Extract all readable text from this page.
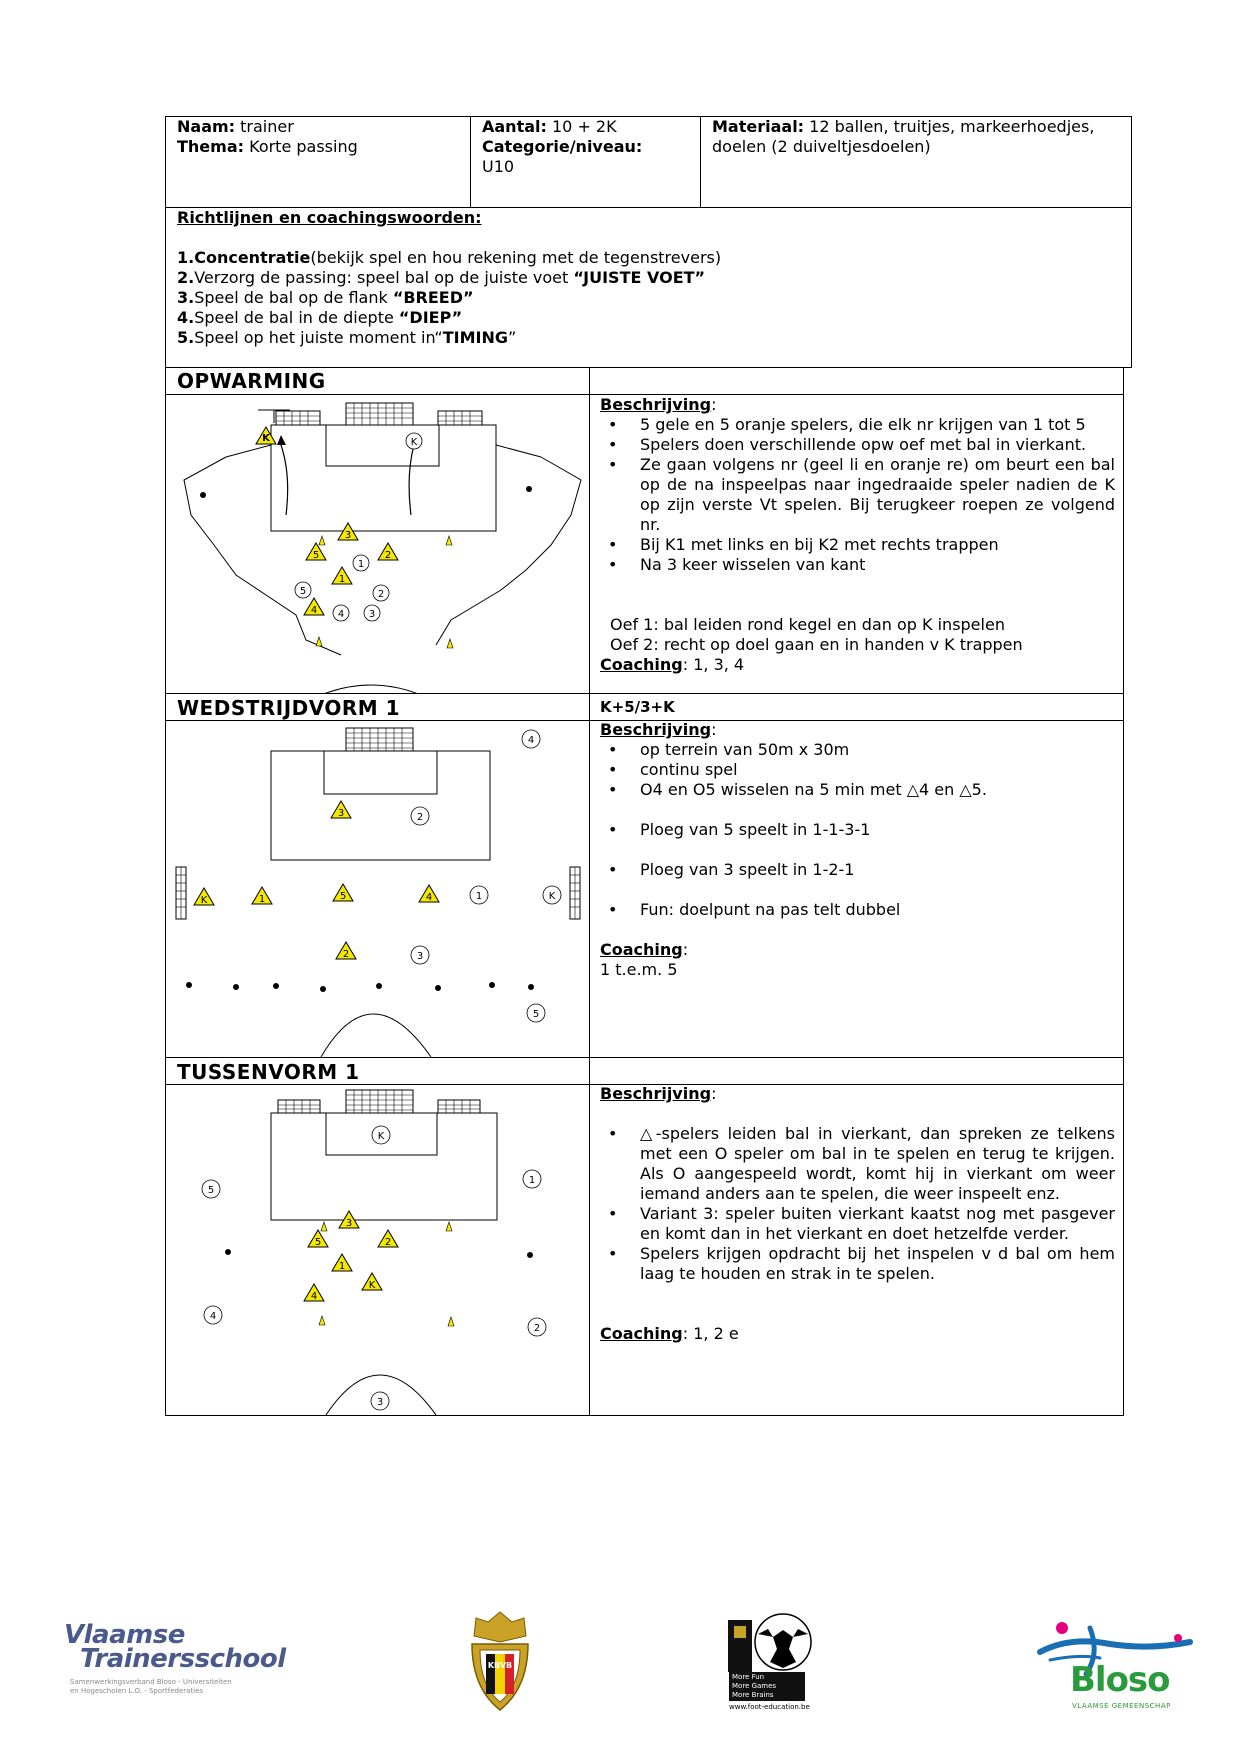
Naam: trainer
Thema: Korte passing
Aantal: 10 + 2K
Categorie/niveau:
U10
Materiaal: 12 ballen, truitjes, markeerhoedjes,
doelen (2 duiveltjesdoelen)
Richtlijnen en coachingswoorden:
1.Concentratie(bekijk spel en hou rekening met de tegenstrevers)
2.Verzorg de passing: speel bal op de juiste voet “JUISTE VOET”
3.Speel de bal op de flank “BREED”
4.Speel de bal in de diepte “DIEP”
5.Speel op het juiste moment in“TIMING”
OPWARMING
K
3
5	2
1
4
K
1
5	2
4 3
Beschrijving:
• 5 gele en 5 oranje spelers, die elk nr krijgen van 1 tot 5
• Spelers doen verschillende opw oef met bal in vierkant.
• Ze gaan volgens nr (geel li en oranje re) om beurt een bal op de na inspeelpas naar ingedraaide speler nadien de K op zijn verste Vt spelen. Bij terugkeer roepen ze volgend nr.
• Bij K1 met links en bij K2 met rechts trappen
• Na 3 keer wisselen van kant
Oef 1: bal leiden rond kegel en dan op K inspelen
Oef 2: recht op doel gaan en in handen v K trappen
Coaching: 1, 3, 4
WEDSTRIJDVORM 1	K+5/3+K
3
K	1	5	4
2
4
2
1	K
3
5
Beschrijving:
• op terrein van 50m x 30m
• continu spel
• O4 en O5 wisselen na 5 min met △4 en △5.
• Ploeg van 5 speelt in 1-1-3-1
• Ploeg van 3 speelt in 1-2-1
• Fun: doelpunt na pas telt dubbel
Coaching:
1 t.e.m. 5
TUSSENVORM 1
3
5	2
1
K
4
K
5
1
4
2
3
Beschrijving:
• △-spelers leiden bal in vierkant, dan spreken ze telkens met een O speler om bal in te spelen en terug te krijgen. Als O aangespeeld wordt, komt hij in vierkant om weer iemand anders aan te spelen, die weer inspeelt enz.
• Variant 3: speler buiten vierkant kaatst nog met pasgever en komt dan in het vierkant en doet hetzelfde verder.
• Spelers krijgen opdracht bij het inspelen v d bal om hem laag te houden en strak in te spelen.
Coaching: 1, 2 e
Vlaamse
Trainersschool
Samenwerkingsverband Bloso - Universiteiten
en Hogescholen L.O. - Sportfederaties
KBVB
More Fun
More Games
More Brains
www.foot-education.be
Bloso
VLAAMSE GEMEENSCHAP
